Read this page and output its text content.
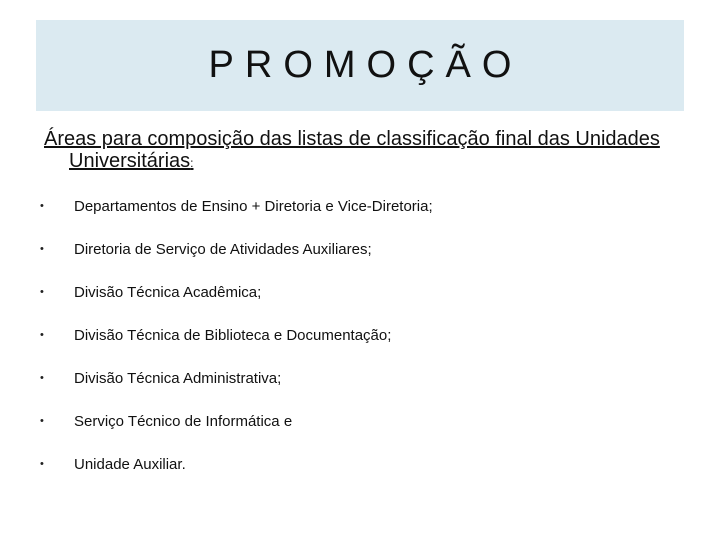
PROMOÇÃO
Áreas para composição das listas de classificação final das Unidades Universitárias:
•	Departamentos de Ensino + Diretoria e Vice-Diretoria;
•	Diretoria de Serviço de Atividades Auxiliares;
•	Divisão Técnica Acadêmica;
•	Divisão Técnica de Biblioteca e Documentação;
•	Divisão Técnica Administrativa;
•	Serviço Técnico de Informática e
•	Unidade Auxiliar.
